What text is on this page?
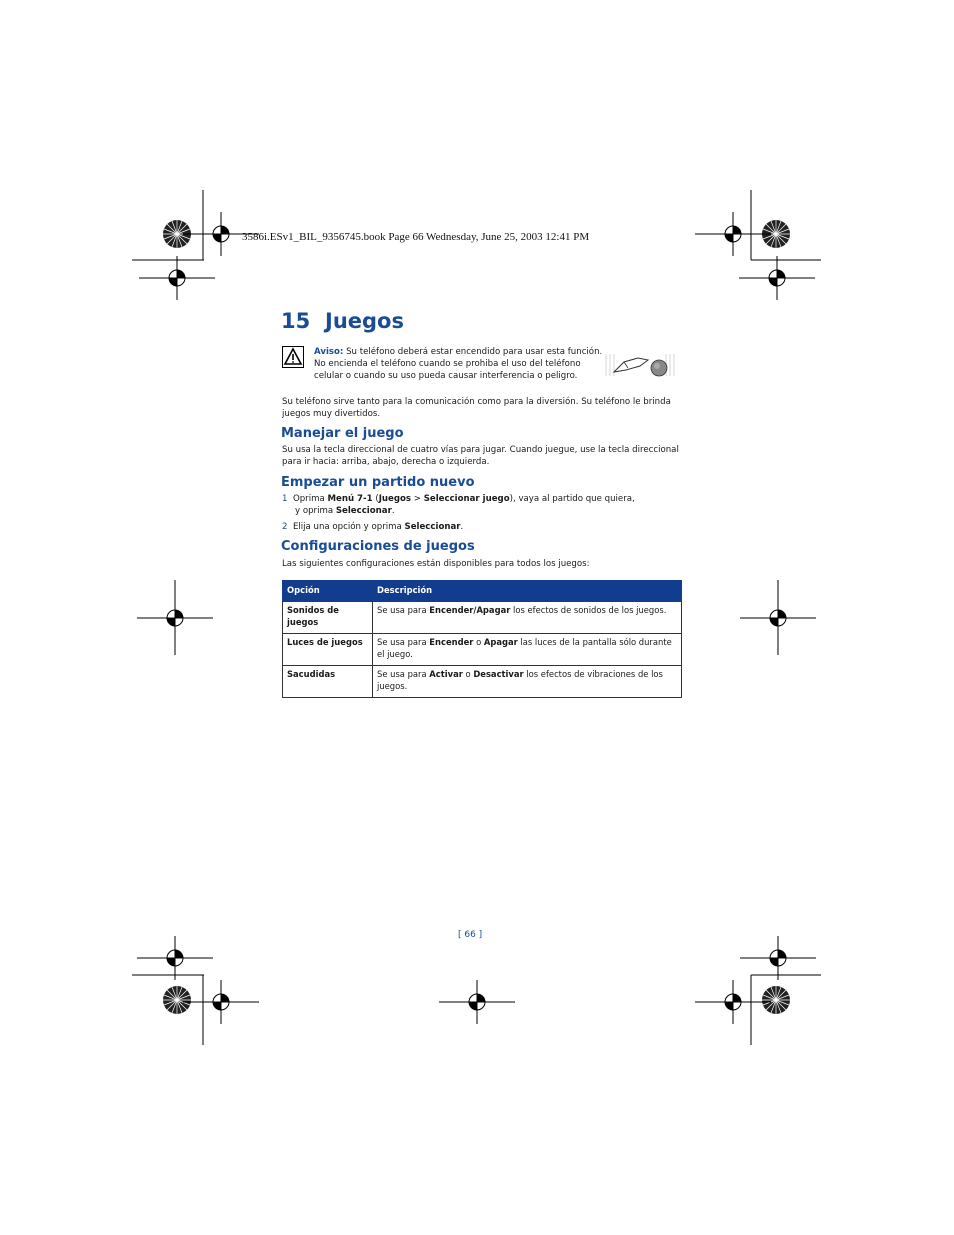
3586i.ESv1_BIL_9356745.book Page 66 Wednesday, June 25, 2003 12:41 PM
15 Juegos
Aviso: Su teléfono deberá estar encendido para usar esta función. No encienda el teléfono cuando se prohiba el uso del teléfono celular o cuando su uso pueda causar interferencia o peligro.
Su teléfono sirve tanto para la comunicación como para la diversión. Su teléfono le brinda juegos muy divertidos.
Manejar el juego
Su usa la tecla direccional de cuatro vías para jugar. Cuando juegue, use la tecla direccional para ir hacia: arriba, abajo, derecha o izquierda.
Empezar un partido nuevo
1 Oprima Menú 7-1 (Juegos > Seleccionar juego), vaya al partido que quiera,
y oprima Seleccionar.
2 Elija una opción y oprima Seleccionar.
Configuraciones de juegos
Las siguientes configuraciones están disponibles para todos los juegos:
Opción	Descripción
Sonidos de juegos	Se usa para Encender/Apagar los efectos de sonidos de los juegos.
Luces de juegos	Se usa para Encender o Apagar las luces de la pantalla sólo durante el juego.
Sacudidas	Se usa para Activar o Desactivar los efectos de vibraciones de los juegos.
[ 66 ]
